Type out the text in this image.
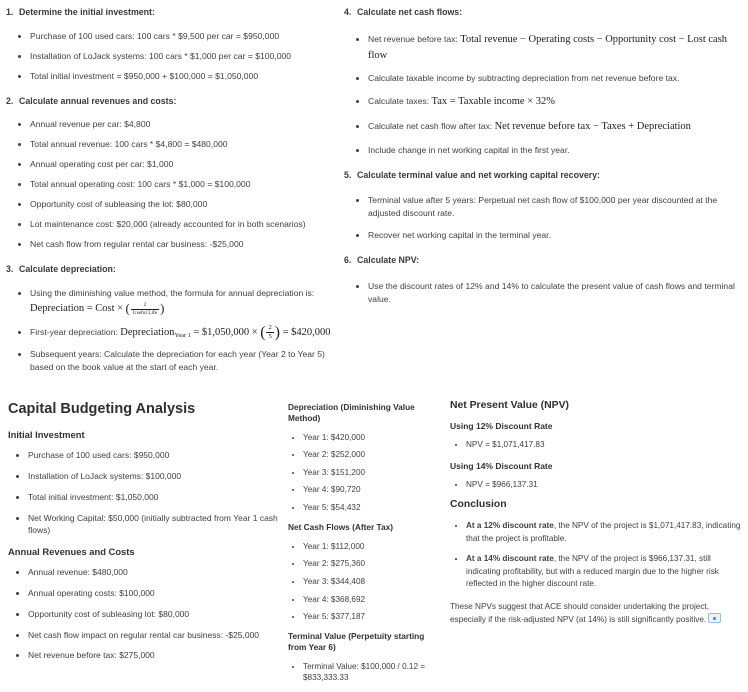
1. Determine the initial investment:
• Purchase of 100 used cars: 100 cars * $9,500 per car = $950,000
• Installation of LoJack systems: 100 cars * $1,000 per car = $100,000
• Total initial investment = $950,000 + $100,000 = $1,050,000
2. Calculate annual revenues and costs:
• Annual revenue per car: $4,800
• Total annual revenue: 100 cars * $4,800 = $480,000
• Annual operating cost per car: $1,000
• Total annual operating cost: 100 cars * $1,000 = $100,000
• Opportunity cost of subleasing the lot: $80,000
• Lot maintenance cost: $20,000 (already accounted for in both scenarios)
• Net cash flow from regular rental car business: -$25,000
3. Calculate depreciation:
• Using the diminishing value method, the formula for annual depreciation is:
Depreciation = Cost × ( $\frac{2}{\text{Useful Life}}$ )
• First-year depreciation: Depreciation$_{Year 1}$ = $1,050,000 × ( $\frac{2}{5}$ ) = $420,000
• Subsequent years: Calculate the depreciation for each year (Year 2 to Year 5) based on the book value at the start of each year.
4. Calculate net cash flows:
• Net revenue before tax: Total revenue − Operating costs − Opportunity cost − Lost cash flow
• Calculate taxable income by subtracting depreciation from net revenue before tax.
• Calculate taxes: Tax = Taxable income × 32%
• Calculate net cash flow after tax: Net revenue before tax − Taxes + Depreciation
• Include change in net working capital in the first year.
5. Calculate terminal value and net working capital recovery:
• Terminal value after 5 years: Perpetual net cash flow of $100,000 per year discounted at the adjusted discount rate.
• Recover net working capital in the terminal year.
6. Calculate NPV:
• Use the discount rates of 12% and 14% to calculate the present value of cash flows and terminal value.
Capital Budgeting Analysis
Initial Investment
• Purchase of 100 used cars: $950,000
• Installation of LoJack systems: $100,000
• Total initial investment: $1,050,000
• Net Working Capital: $50,000 (initially subtracted from Year 1 cash flows)
Annual Revenues and Costs
• Annual revenue: $480,000
• Annual operating costs: $100,000
• Opportunity cost of subleasing lot: $80,000
• Net cash flow impact on regular rental car business: -$25,000
• Net revenue before tax: $275,000
Depreciation (Diminishing Value Method)
• Year 1: $420,000
• Year 2: $252,000
• Year 3: $151,200
• Year 4: $90,720
• Year 5: $54,432
Net Cash Flows (After Tax)
• Year 1: $112,000
• Year 2: $275,360
• Year 3: $344,408
• Year 4: $368,692
• Year 5: $377,187
Terminal Value (Perpetuity starting from Year 6)
• Terminal Value: $100,000 / 0.12 = $833,333.33
Net Present Value (NPV)
Using 12% Discount Rate
• NPV = $1,071,417.83
Using 14% Discount Rate
• NPV = $966,137.31
Conclusion
• At a 12% discount rate, the NPV of the project is $1,071,417.83, indicating that the project is profitable.
• At a 14% discount rate, the NPV of the project is $966,137.31, still indicating profitability, but with a reduced margin due to the higher risk reflected in the higher discount rate.
These NPVs suggest that ACE should consider undertaking the project, especially if the risk-adjusted NPV (at 14%) is still significantly positive.
